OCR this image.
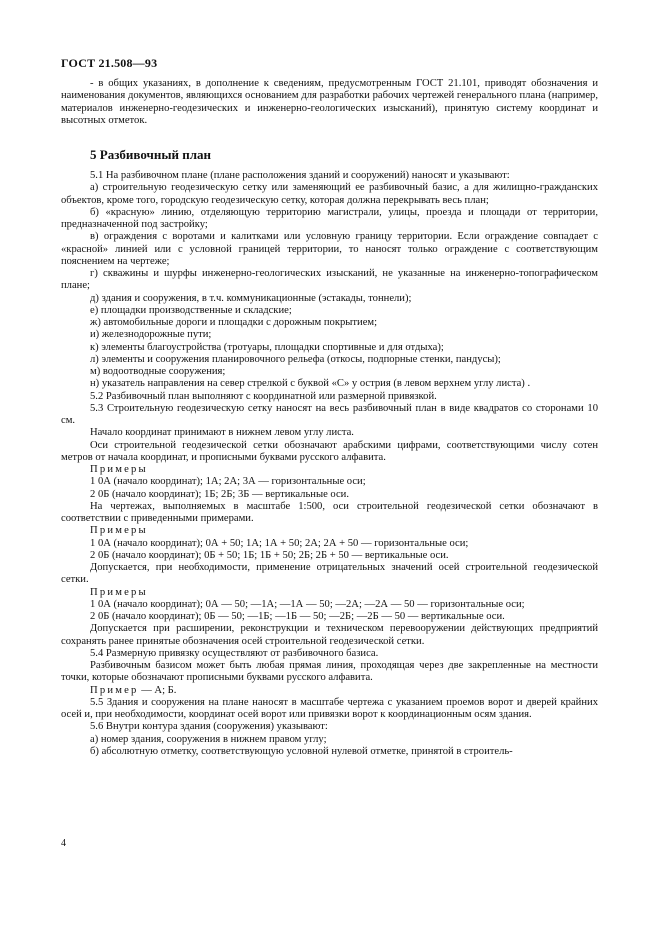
ГОСТ 21.508—93

- в общих указаниях, в дополнение к сведениям, предусмотренным ГОСТ 21.101, приводят обозначения и наименования документов, являющихся основанием для разработки рабочих чертежей генерального плана (например, материалов инженерно-геодезических и инженерно-геологических изысканий), принятую систему координат и высотных отметок.

5 Разбивочный план

5.1 На разбивочном плане (плане расположения зданий и сооружений) наносят и указывают:

а) строительную геодезическую сетку или заменяющий ее разбивочный базис, а для жилищно-гражданских объектов, кроме того, городскую геодезическую сетку, которая должна перекрывать весь план;

б) «красную» линию, отделяющую территорию магистрали, улицы, проезда и площади от территории, предназначенной под застройку;

в) ограждения с воротами и калитками или условную границу территории. Если ограждение совпадает с «красной» линией или с условной границей территории, то наносят только ограждение с соответствующим пояснением на чертеже;

г) скважины и шурфы инженерно-геологических изысканий, не указанные на инженерно-топографическом плане;

д) здания и сооружения, в т.ч. коммуникационные (эстакады, тоннели);

е) площадки производственные и складские;

ж) автомобильные дороги и площадки с дорожным покрытием;

и) железнодорожные пути;

к) элементы благоустройства (тротуары, площадки спортивные и для отдыха);

л) элементы и сооружения планировочного рельефа (откосы, подпорные стенки, пандусы);

м) водоотводные сооружения;

н) указатель направления на север стрелкой с буквой «С» у острия (в левом верхнем углу листа) .

5.2 Разбивочный план выполняют с координатной или размерной привязкой.

5.3 Строительную геодезическую сетку наносят на весь разбивочный план в виде квадратов со сторонами 10 см.

Начало координат принимают в нижнем левом углу листа.

Оси строительной геодезической сетки обозначают арабскими цифрами, соответствующими числу сотен метров от начала координат, и прописными буквами русского алфавита.

Примеры

1 0А (начало координат); 1А; 2А; 3А — горизонтальные оси;

2 0Б (начало координат); 1Б; 2Б; 3Б — вертикальные оси.

На чертежах, выполняемых в масштабе 1:500, оси строительной геодезической сетки обозначают в соответствии с приведенными примерами.

Примеры

1 0А (начало координат); 0А + 50; 1А; 1А + 50; 2А; 2А + 50 — горизонтальные оси;

2 0Б (начало координат); 0Б + 50; 1Б; 1Б + 50; 2Б; 2Б + 50 — вертикальные оси.

Допускается, при необходимости, применение отрицательных значений осей строительной геодезической сетки.

Примеры

1 0А (начало координат); 0А — 50; —1А; —1А — 50; —2А; —2А — 50 — горизонтальные оси;

2 0Б (начало координат); 0Б — 50; —1Б; —1Б — 50; —2Б; —2Б — 50 — вертикальные оси.

Допускается при расширении, реконструкции и техническом перевооружении действующих предприятий сохранять ранее принятые обозначения осей строительной геодезической сетки.

5.4 Размерную привязку осуществляют от разбивочного базиса.

Разбивочным базисом может быть любая прямая линия, проходящая через две закрепленные на местности точки, которые обозначают прописными буквами русского алфавита.

Пример — А; Б.

5.5 Здания и сооружения на плане наносят в масштабе чертежа с указанием проемов ворот и дверей крайних осей и, при необходимости, координат осей ворот или привязки ворот к координационным осям здания.

5.6 Внутри контура здания (сооружения) указывают:

а) номер здания, сооружения в нижнем правом углу;

б) абсолютную отметку, соответствующую условной нулевой отметке, принятой в строитель-

4
